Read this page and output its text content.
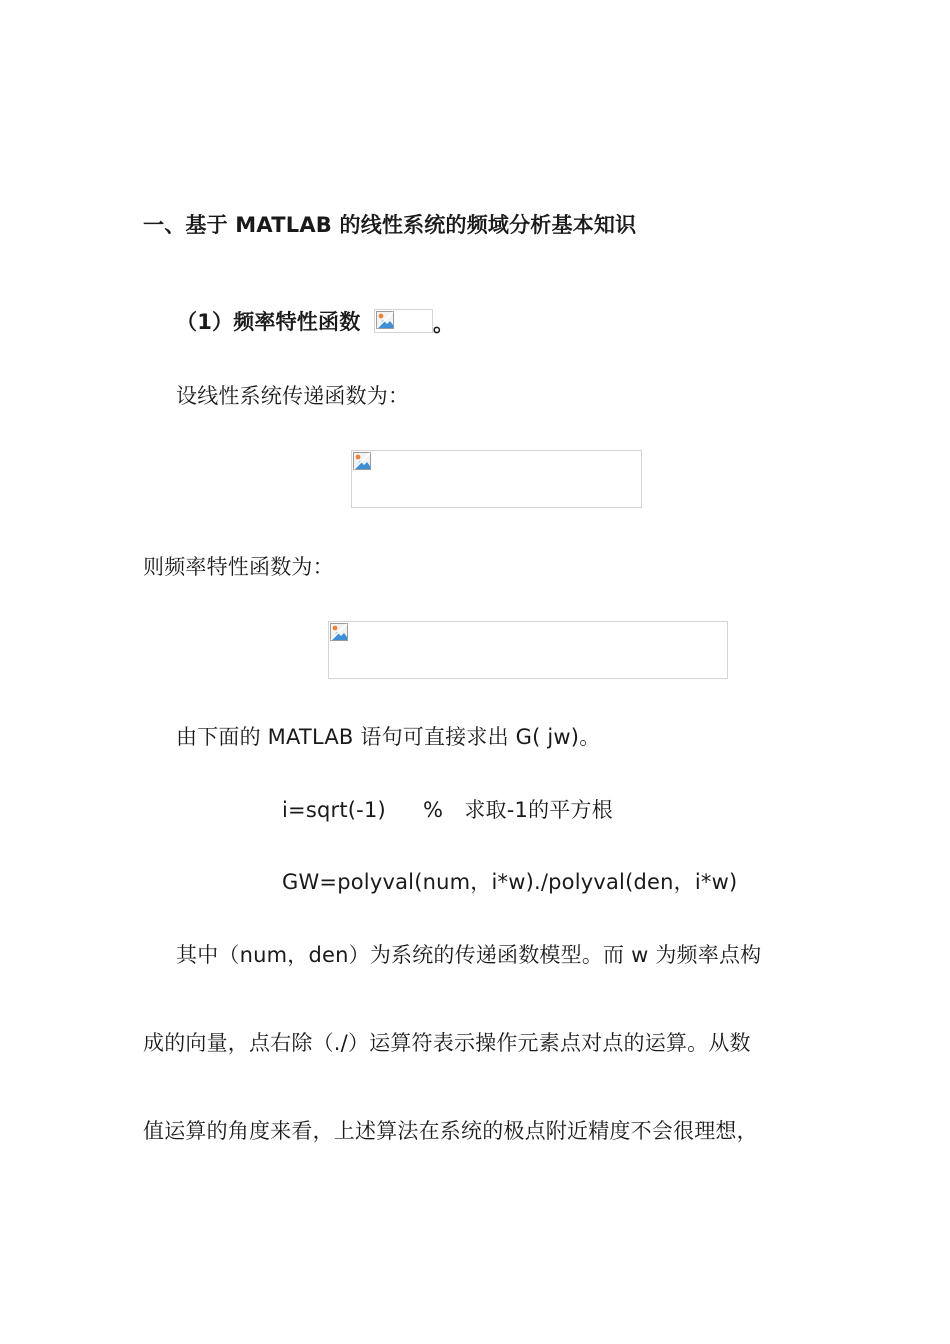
一、基于 MATLAB 的线性系统的频域分析基本知识
（1）频率特性函数	。
设线性系统传递函数为：
则频率特性函数为：
由下面的 MATLAB 语句可直接求出 G( jw)。
i=sqrt(-1) %　求取-1的平方根
GW=polyval(num，i*w)./polyval(den，i*w)
其中（num，den）为系统的传递函数模型。而 w 为频率点构
成的向量，点右除（./）运算符表示操作元素点对点的运算。从数
值运算的角度来看，上述算法在系统的极点附近精度不会很理想，
